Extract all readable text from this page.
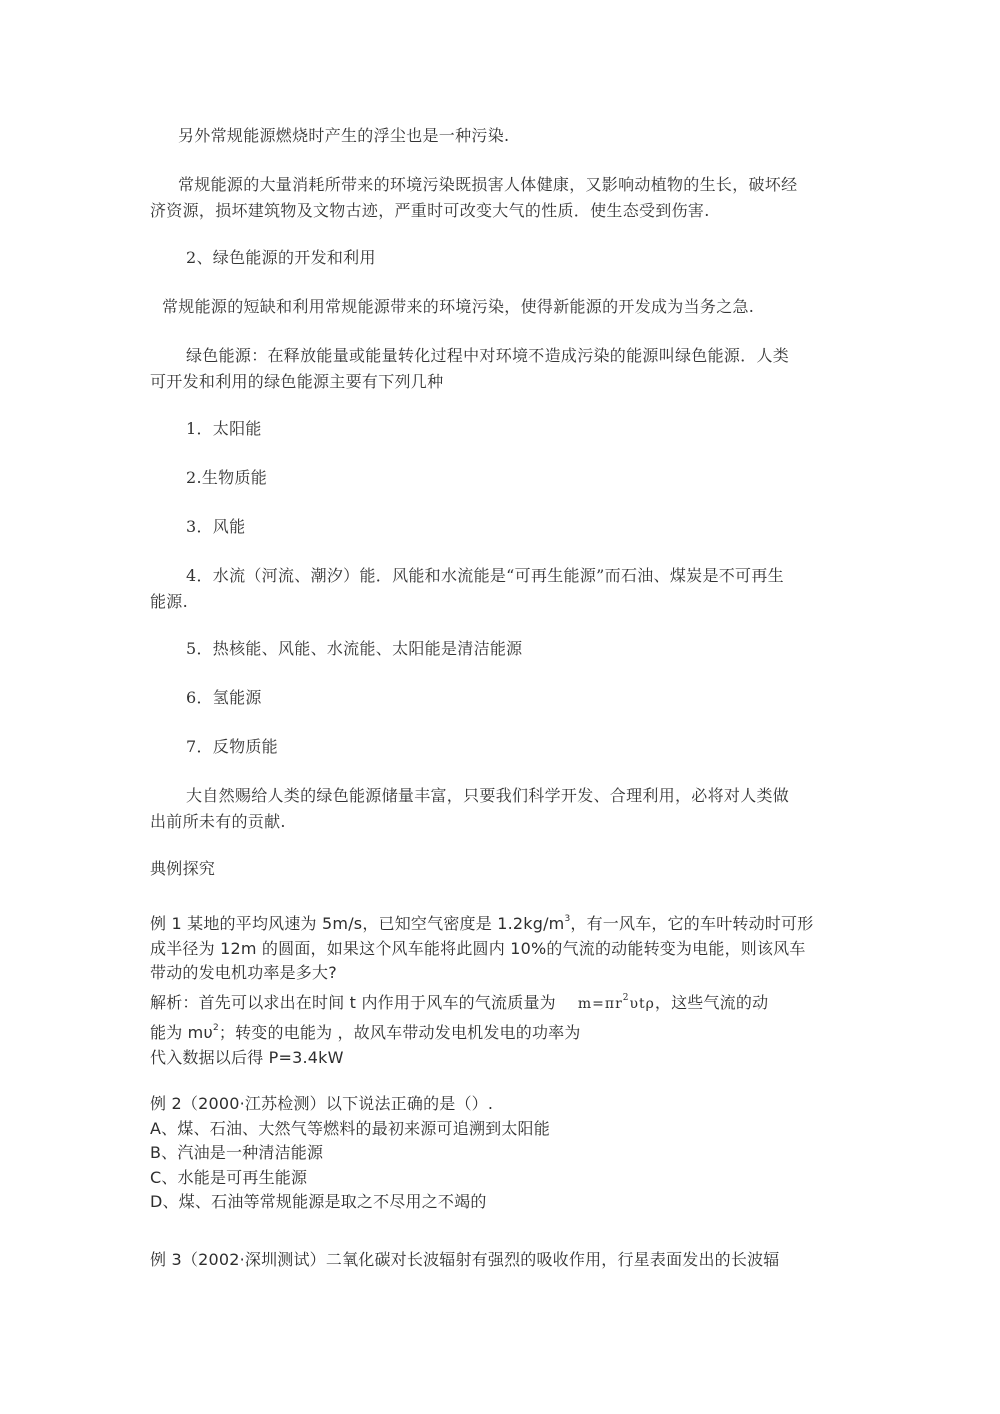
另外常规能源燃烧时产生的浮尘也是一种污染.

常规能源的大量消耗所带来的环境污染既损害人体健康，又影响动植物的生长，破坏经
济资源，损坏建筑物及文物古迹，严重时可改变大气的性质．使生态受到伤害.

2、绿色能源的开发和利用

常规能源的短缺和利用常规能源带来的环境污染，使得新能源的开发成为当务之急.

绿色能源：在释放能量或能量转化过程中对环境不造成污染的能源叫绿色能源．人类
可开发和利用的绿色能源主要有下列几种

1．太阳能

2.生物质能

3．风能

4．水流（河流、潮汐）能．风能和水流能是“可再生能源”而石油、煤炭是不可再生
能源.

5．热核能、风能、水流能、太阳能是清洁能源

6．氢能源

7．反物质能

大自然赐给人类的绿色能源储量丰富，只要我们科学开发、合理利用，必将对人类做
出前所未有的贡献.

典例探究

例 1 某地的平均风速为 5m/s，已知空气密度是 $1.2kg/m^3$，有一风车，它的车叶转动时可形
成半径为 12m 的圆面，如果这个风车能将此圆内 10%的气流的动能转变为电能，则该风车
带动的发电机功率是多大?
解析：首先可以求出在时间 t 内作用于风车的气流质量为 $m=\pi r^2\upsilon t\rho$，这些气流的动
能为 $m\upsilon^2$；转变的电能为 ，故风车带动发电机发电的功率为
代入数据以后得 P=3.4kW
例 2（2000·江苏检测）以下说法正确的是（）.
A、煤、石油、大然气等燃料的最初来源可追溯到太阳能
B、汽油是一种清洁能源
C、水能是可再生能源
D、煤、石油等常规能源是取之不尽用之不竭的
例 3（2002·深圳测试）二氧化碳对长波辐射有强烈的吸收作用，行星表面发出的长波辐
